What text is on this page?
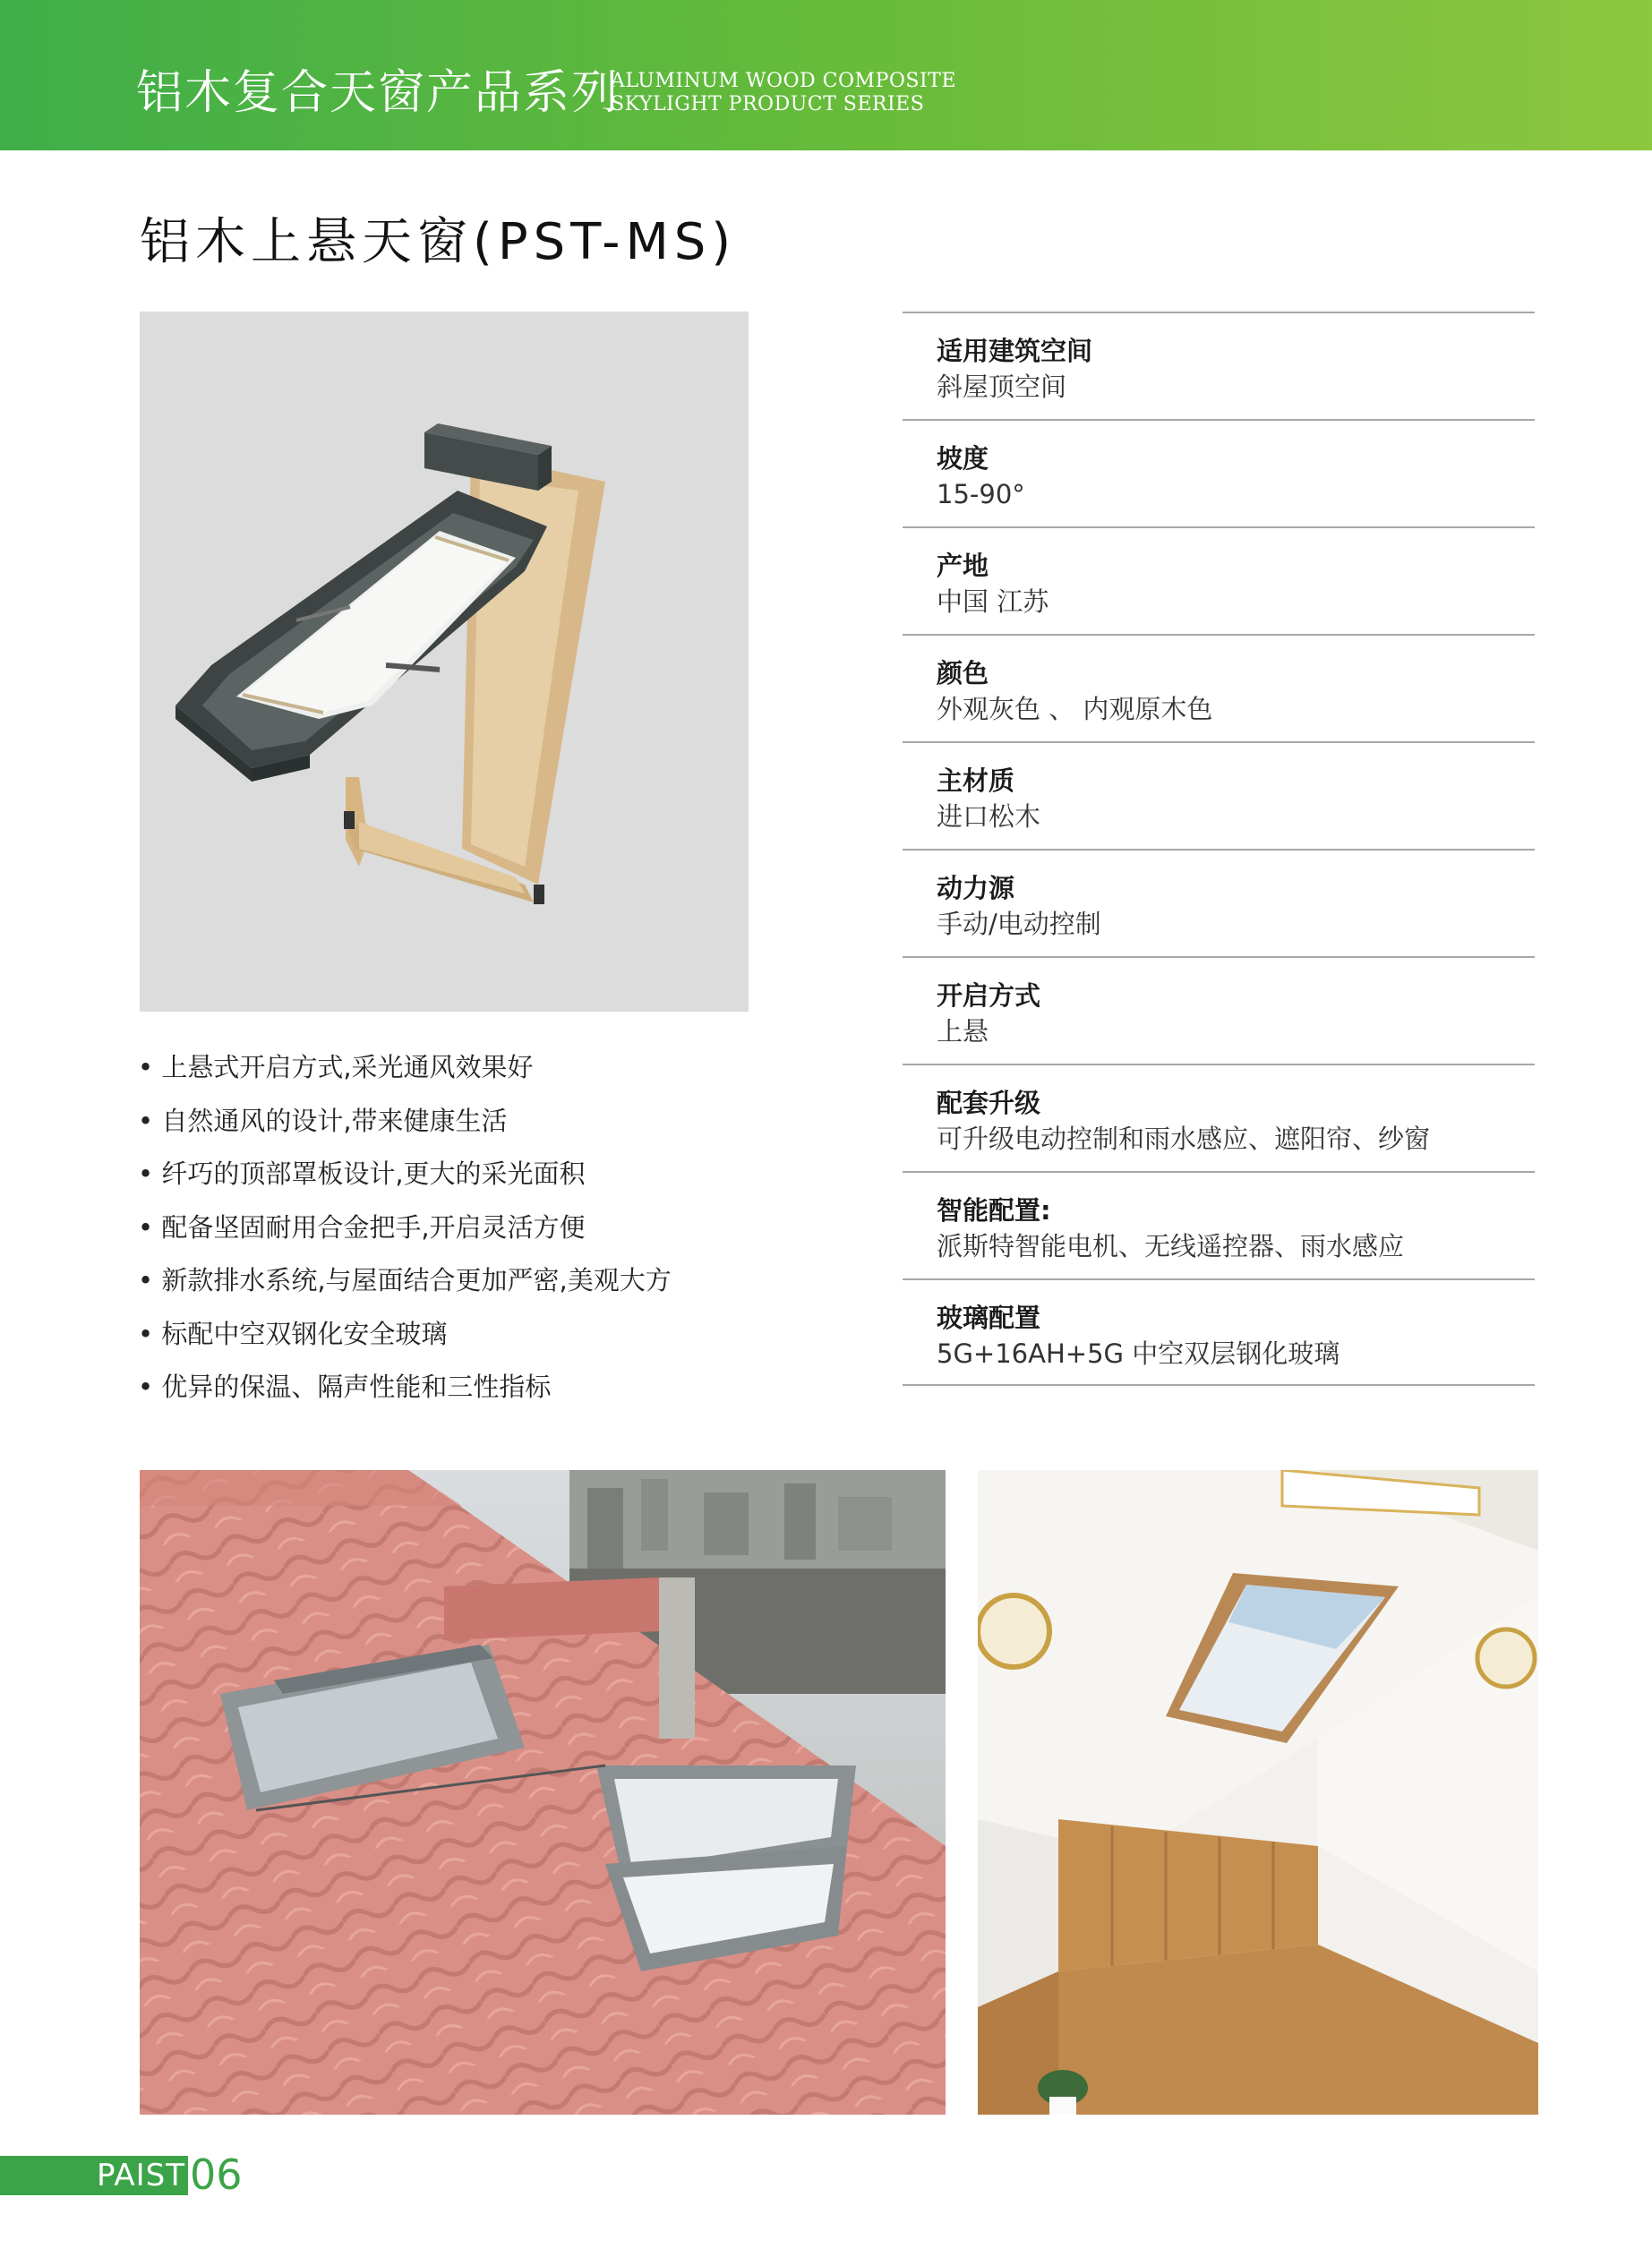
铝木复合天窗产品系列
ALUMINUM WOOD COMPOSITE
SKYLIGHT PRODUCT SERIES
铝木上悬天窗(PST-MS)
适用建筑空间
斜屋顶空间
坡度
15-90°
产地
中国 江苏
颜色
外观灰色 、 内观原木色
主材质
进口松木
动力源
手动/电动控制
开启方式
上悬
配套升级
可升级电动控制和雨水感应、遮阳帘、纱窗
智能配置:
派斯特智能电机、无线遥控器、雨水感应
玻璃配置
5G+16AH+5G 中空双层钢化玻璃
• 上悬式开启方式,采光通风效果好
• 自然通风的设计,带来健康生活
• 纤巧的顶部罩板设计,更大的采光面积
• 配备坚固耐用合金把手,开启灵活方便
• 新款排水系统,与屋面结合更加严密,美观大方
• 标配中空双钢化安全玻璃
• 优异的保温、隔声性能和三性指标
PAIST 06
